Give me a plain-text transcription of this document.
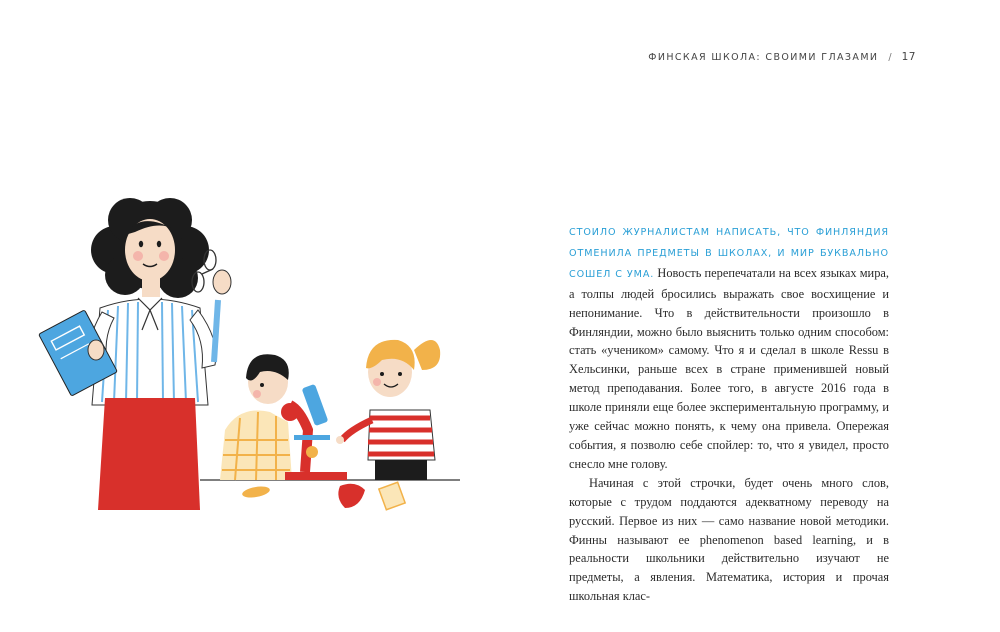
ФИНСКАЯ ШКОЛА: СВОИМИ ГЛАЗАМИ / 17

СТОИЛО ЖУРНАЛИСТАМ НАПИСАТЬ, ЧТО ФИНЛЯНДИЯ ОТМЕНИЛА ПРЕДМЕТЫ В ШКОЛАХ, И МИР БУКВАЛЬНО СОШЕЛ С УМА. Новость перепечатали на всех языках мира, а толпы людей бросились выражать свое восхищение и непонимание. Что в действительности произошло в Финляндии, можно было выяснить только одним способом: стать «учеником» самому. Что я и сделал в школе Ressu в Хельсинки, раньше всех в стране применившей новый метод преподавания. Более того, в августе 2016 года в школе приняли еще более экспериментальную программу, и уже сейчас можно понять, к чему она привела. Опережая события, я позволю себе спойлер: то, что я увидел, просто снесло мне голову.

Начиная с этой строчки, будет очень много слов, которые с трудом поддаются адекватному переводу на русский. Первое из них — само название новой методики. Финны называют ее phenomenon based learning, и в реальности школьники действительно изучают не предметы, а явления. Математика, история и прочая школьная клас-
